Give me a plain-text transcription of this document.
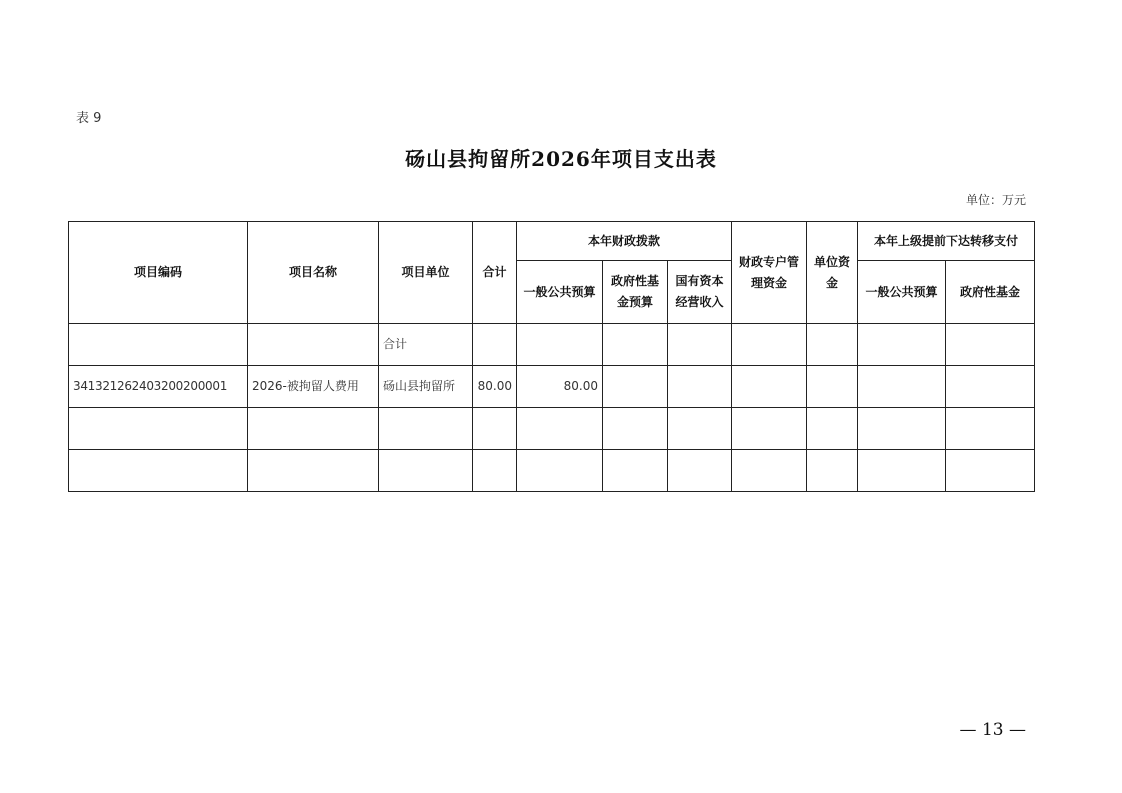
表 9
砀山县拘留所2026年项目支出表
单位：万元
项目编码	项目名称	项目单位	合计	本年财政拨款			财政专户管理资金	单位资金	本年上级提前下达转移支付	
				一般公共预算	政府性基金预算	国有资本经营收入			一般公共预算	政府性基金
		合计								
341321262403200200001	2026-被拘留人费用	砀山县拘留所	80.00	80.00						

— 13 —
